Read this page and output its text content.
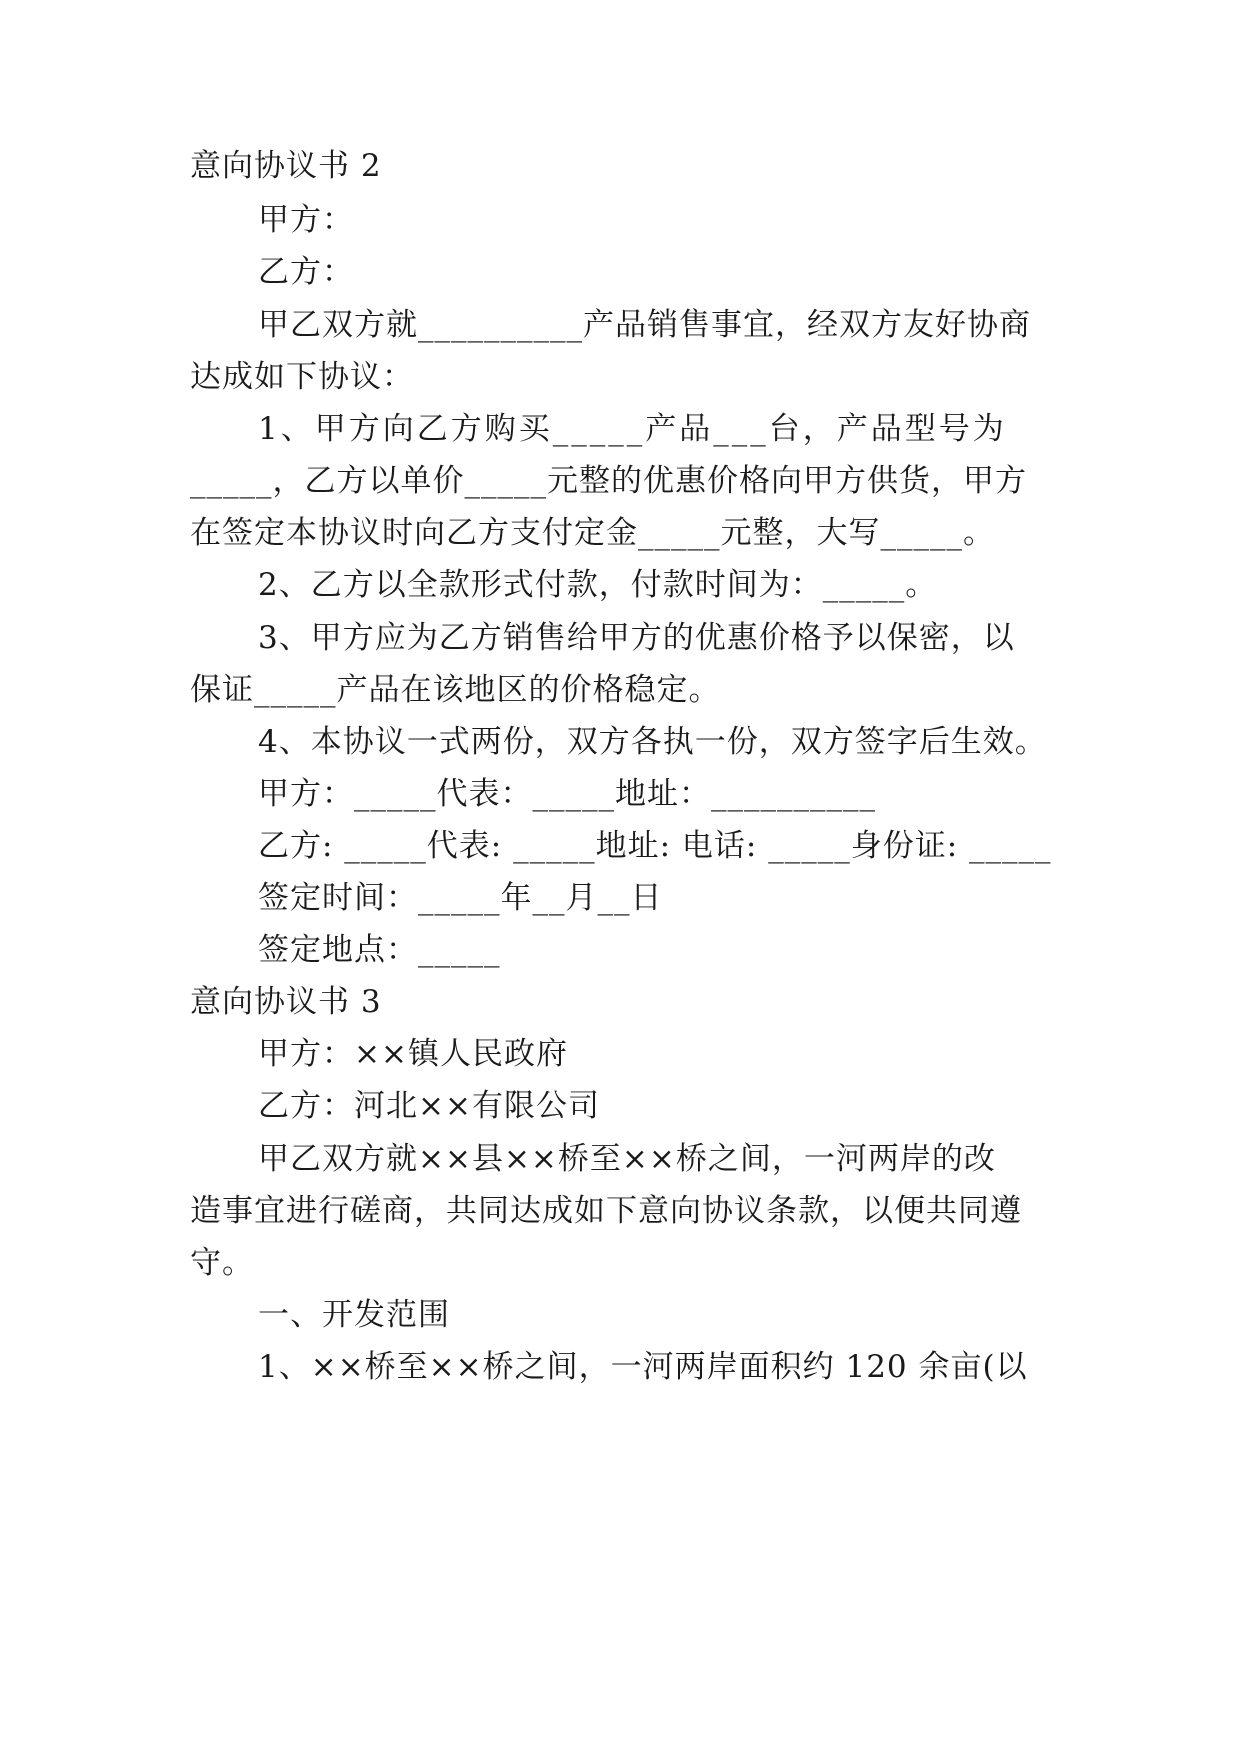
意向协议书 2
甲方：
乙方：
甲乙双方就__________产品销售事宜，经双方友好协商
达成如下协议：
1、甲方向乙方购买_____产品___台，产品型号为
_____，乙方以单价_____元整的优惠价格向甲方供货，甲方
在签定本协议时向乙方支付定金_____元整，大写_____。
2、乙方以全款形式付款，付款时间为：_____。
3、甲方应为乙方销售给甲方的优惠价格予以保密，以
保证_____产品在该地区的价格稳定。
4、本协议一式两份，双方各执一份，双方签字后生效。
甲方：_____代表：_____地址：__________
乙方: _____代表: _____地址: 电话: _____身份证: _____
签定时间：_____年__月__日
签定地点：_____
意向协议书 3
甲方：××镇人民政府
乙方：河北××有限公司
甲乙双方就××县××桥至××桥之间，一河两岸的改
造事宜进行磋商，共同达成如下意向协议条款，以便共同遵
守。
一、开发范围
1、××桥至××桥之间，一河两岸面积约 120 余亩(以
